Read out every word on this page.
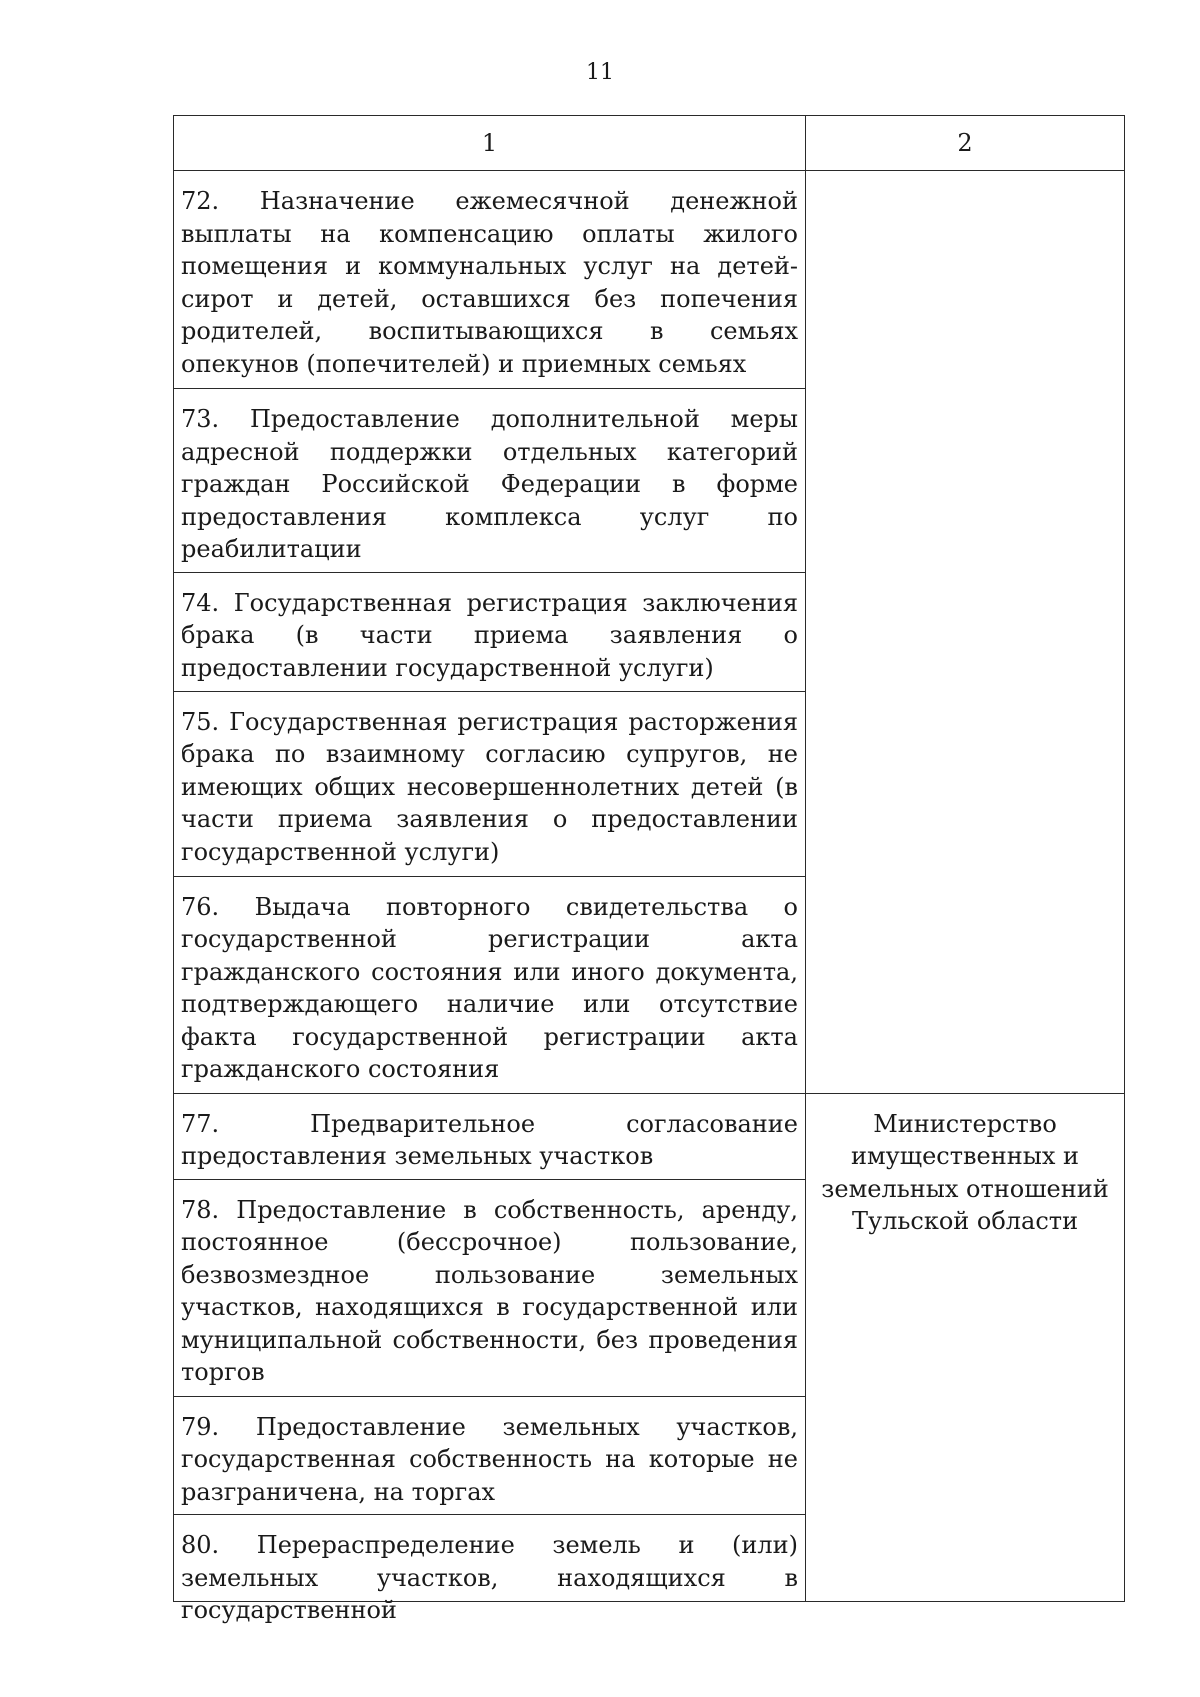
11
1	2

72. Назначение ежемесячной денежной выплаты на компенсацию оплаты жилого помещения и коммунальных услуг на детей-сирот и детей, оставшихся без попечения родителей, воспитывающихся в семьях опекунов (попечителей) и приемных семьях	

73. Предоставление дополнительной меры адресной поддержки отдельных категорий граждан Российской Федерации в форме предоставления комплекса услуг по реабилитации	

74. Государственная регистрация заключения брака (в части приема заявления о предоставлении государственной услуги)	

75. Государственная регистрация расторжения брака по взаимному согласию супругов, не имеющих общих несовершеннолетних детей (в части приема заявления о предоставлении государственной услуги)	

76. Выдача повторного свидетельства о государственной регистрации акта гражданского состояния или иного документа, подтверждающего наличие или отсутствие факта государственной регистрации акта гражданского состояния	

77. Предварительное согласование предоставления земельных участков	Министерство имущественных и земельных отношений Тульской области

78. Предоставление в собственность, аренду, постоянное (бессрочное) пользование, безвозмездное пользование земельных участков, находящихся в государственной или муниципальной собственности, без проведения торгов	

79. Предоставление земельных участков, государственная собственность на которые не разграничена, на торгах	

80. Перераспределение земель и (или) земельных участков, находящихся в государственной	
